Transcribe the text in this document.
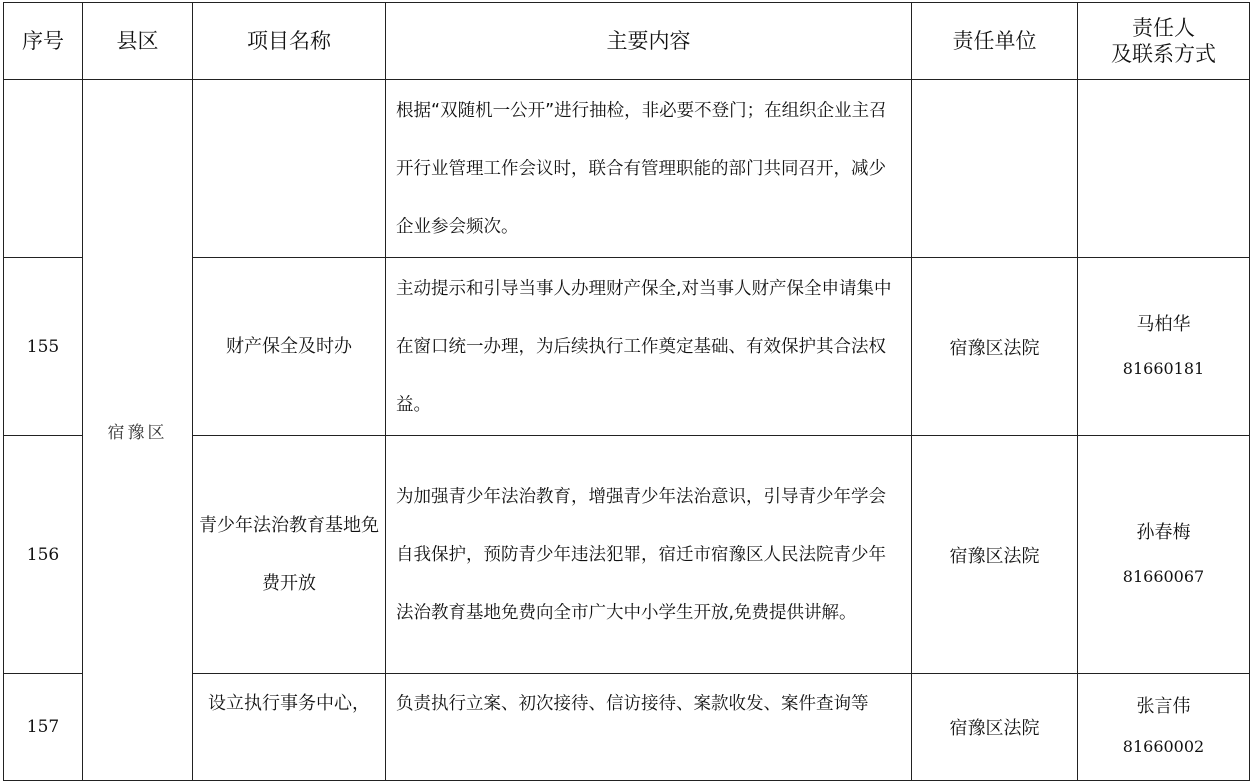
序号	县区	项目名称	主要内容	责任单位	责任人
及联系方式

	宿豫区		根据“双随机一公开”进行抽检，非必要不登门；在组织企业主召开行业管理工作会议时，联合有管理职能的部门共同召开，减少企业参会频次。		

155		财产保全及时办	主动提示和引导当事人办理财产保全,对当事人财产保全申请集中在窗口统一办理，为后续执行工作奠定基础、有效保护其合法权益。	宿豫区法院	马柏华
81660181

156		青少年法治教育基地免费开放	为加强青少年法治教育，增强青少年法治意识，引导青少年学会自我保护，预防青少年违法犯罪，宿迁市宿豫区人民法院青少年法治教育基地免费向全市广大中小学生开放,免费提供讲解。	宿豫区法院	孙春梅
81660067

157		设立执行事务中心，	负责执行立案、初次接待、信访接待、案款收发、案件查询等	宿豫区法院	张言伟
81660002
